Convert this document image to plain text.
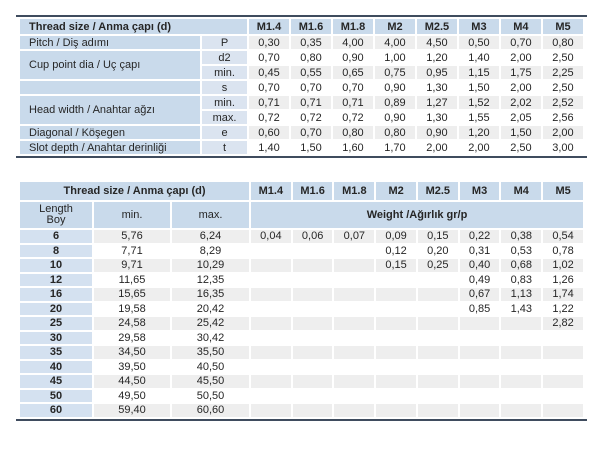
Thread size / Anma çapı (d)		M1.4	M1.6	M1.8	M2	M2.5	M3	M4	M5
Pitch / Diş adımı	P	0,30	0,35	4,00	4,00	4,50	0,50	0,70	0,80
Cup point dia / Uç çapı	d2	0,70	0,80	0,90	1,00	1,20	1,40	2,00	2,50
	min.	0,45	0,55	0,65	0,75	0,95	1,15	1,75	2,25
	s	0,70	0,70	0,70	0,90	1,30	1,50	2,00	2,50
Head width / Anahtar ağzı	min.	0,71	0,71	0,71	0,89	1,27	1,52	2,02	2,52
	max.	0,72	0,72	0,72	0,90	1,30	1,55	2,05	2,56
Diagonal / Köşegen	e	0,60	0,70	0,80	0,80	0,90	1,20	1,50	2,00
Slot depth / Anahtar derinliği	t	1,40	1,50	1,60	1,70	2,00	2,00	2,50	3,00
Thread size / Anma çapı (d)			M1.4	M1.6	M1.8	M2	M2.5	M3	M4	M5

Length
Boy	min.	max.	Weight /Ağırlık gr/p							
6	5,76	6,24	0,04	0,06	0,07	0,09	0,15	0,22	0,38	0,54
8	7,71	8,29				0,12	0,20	0,31	0,53	0,78
10	9,71	10,29				0,15	0,25	0,40	0,68	1,02
12	11,65	12,35						0,49	0,83	1,26
16	15,65	16,35						0,67	1,13	1,74
20	19,58	20,42						0,85	1,43	1,22
25	24,58	25,42								2,82
30	29,58	30,42								
35	34,50	35,50								
40	39,50	40,50								
45	44,50	45,50								
50	49,50	50,50								
60	59,40	60,60								
